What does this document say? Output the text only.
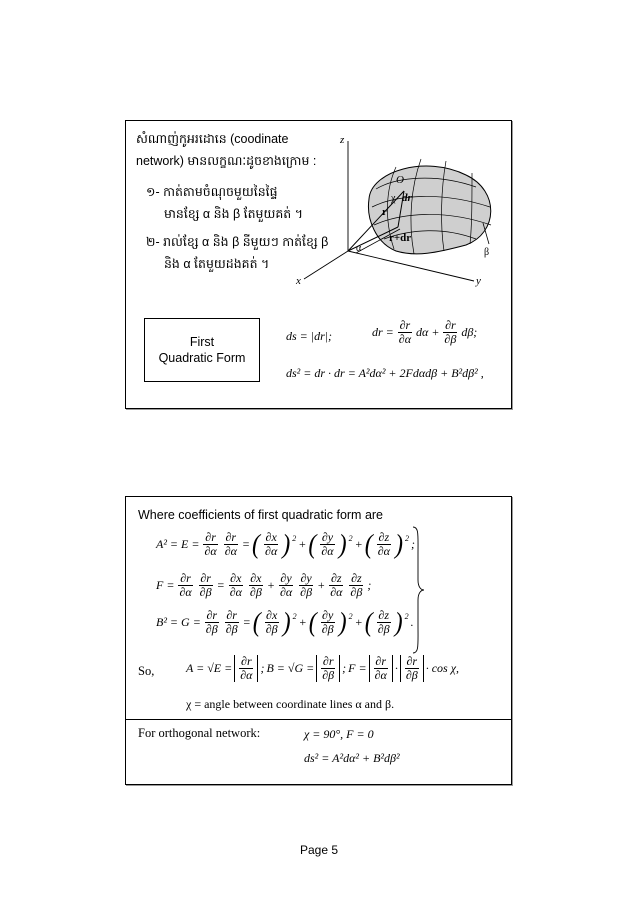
សំណាញ់កូអរដោនេ (coodinate
network) មានលក្ខណៈដូចខាងក្រោម :
១- កាត់តាមចំណុចមួយនៃផ្ទៃ
មានខ្សែ α និង β តែមួយគត់ ។
២- រាល់ខ្សែ α និង β នីមួយៗ កាត់ខ្សែ β
និង α តែមួយដងគត់ ។
z
x	y
O
χ dr
r
r+dr
α	β
First
Quadratic Form
ds = |dr|;	dr = $\frac{\partial r}{\partial\alpha}$ $d\alpha + \frac{\partial r}{\partial\beta} d\beta$;
ds² = dr · dr = A²dα² + 2Fdαdβ + B²dβ² ,
Where coefficients of first quadratic form are
$A^2 = E = \frac{\partial r}{\partial\alpha} \frac{\partial r}{\partial\alpha}$ = ( $\frac{\partial x}{\partial\alpha}$ ) 2 + ( $\frac{\partial y}{\partial\alpha}$ ) 2 + ( $\frac{\partial z}{\partial\alpha}$ ) 2 ;
$F = \frac{\partial r}{\partial\alpha} \frac{\partial r}{\partial\beta} = \frac{\partial x}{\partial\alpha} \frac{\partial x}{\partial\beta} + \frac{\partial y}{\partial\alpha} \frac{\partial y}{\partial\beta} + \frac{\partial z}{\partial\alpha} \frac{\partial z}{\partial\beta}$ ;
$B^2 = G = \frac{\partial r}{\partial\beta} \frac{\partial r}{\partial\beta}$ = ( $\frac{\partial x}{\partial\beta}$ ) 2 + ( $\frac{\partial y}{\partial\beta}$ ) 2 + ( $\frac{\partial z}{\partial\beta}$ ) 2 .
So,	$A = √E = \frac{\partial r}{\partial\alpha}$ ; $B = √G = \frac{\partial r}{\partial\beta}$ ; $F = \frac{\partial r}{\partial\alpha} \cdot \frac{\partial r}{\partial\beta} \cdot \cos \chi$,
χ = angle between coordinate lines α and β.
For orthogonal network:	χ = 90°, F = 0
ds² = A²dα² + B²dβ²
Page 5
